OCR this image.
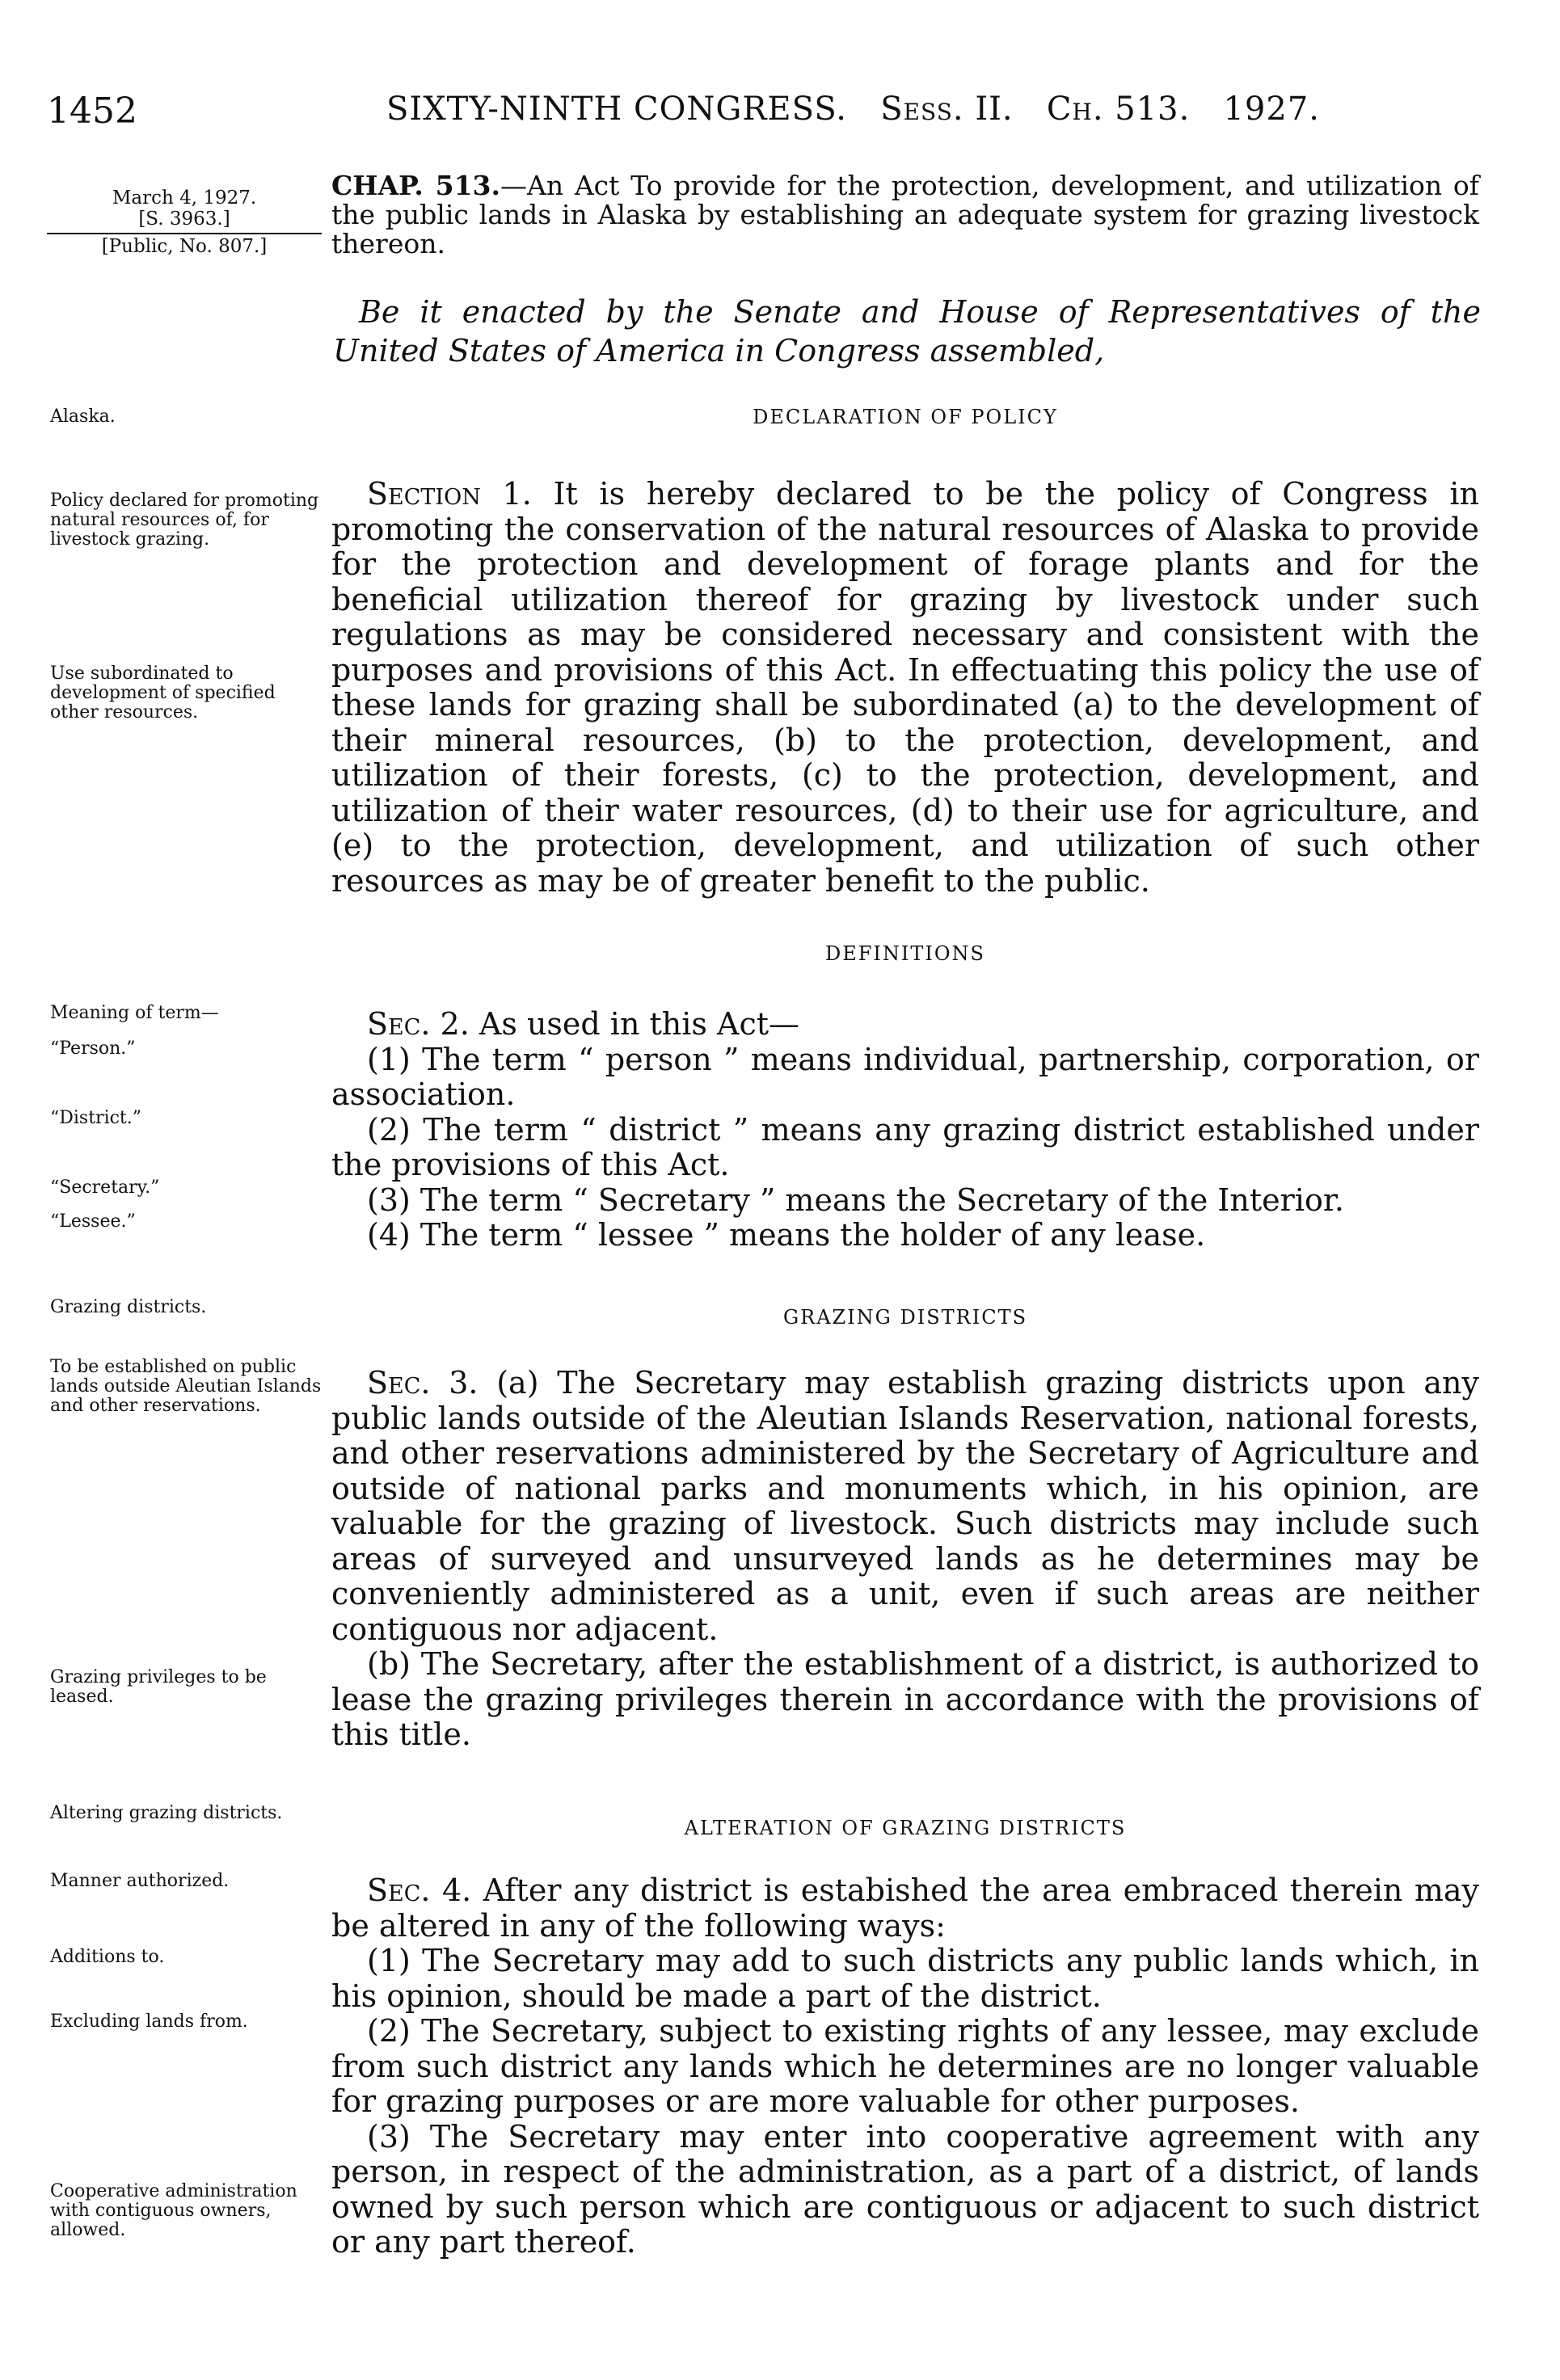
1452	SIXTY-NINTH CONGRESS. Sess. II. Ch. 513. 1927.
March 4, 1927.
[S. 3963.]
[Public, No. 807.]
CHAP. 513.—An Act To provide for the protection, development, and utilization of the public lands in Alaska by establishing an adequate system for grazing livestock thereon.
Be it enacted by the Senate and House of Representatives of the United States of America in Congress assembled,
Alaska.	DECLARATION OF POLICY
Policy declared for promoting natural resources of, for livestock grazing.
Use subordinated to development of specified other resources.

Section 1. It is hereby declared to be the policy of Congress in promoting the conservation of the natural resources of Alaska to provide for the protection and development of forage plants and for the beneficial utilization thereof for grazing by livestock under such regulations as may be considered necessary and consistent with the purposes and provisions of this Act. In effectuating this policy the use of these lands for grazing shall be subordinated (a) to the development of their mineral resources, (b) to the protection, development, and utilization of their forests, (c) to the protection, development, and utilization of their water resources, (d) to their use for agriculture, and (e) to the protection, development, and utilization of such other resources as may be of greater benefit to the public.

DEFINITIONS
Meaning of term—
“Person.”
“District.”
“Secretary.”
“Lessee.”

Sec. 2. As used in this Act—

(1) The term “ person ” means individual, partnership, corporation, or association.

(2) The term “ district ” means any grazing district established under the provisions of this Act.

(3) The term “ Secretary ” means the Secretary of the Interior.

(4) The term “ lessee ” means the holder of any lease.

Grazing districts.	GRAZING DISTRICTS
To be established on public lands outside Aleutian Islands and other reservations.
Grazing privileges to be leased.

Sec. 3. (a) The Secretary may establish grazing districts upon any public lands outside of the Aleutian Islands Reservation, national forests, and other reservations administered by the Secretary of Agriculture and outside of national parks and monuments which, in his opinion, are valuable for the grazing of livestock. Such districts may include such areas of surveyed and unsurveyed lands as he determines may be conveniently administered as a unit, even if such areas are neither contiguous nor adjacent.

(b) The Secretary, after the establishment of a district, is authorized to lease the grazing privileges therein in accordance with the provisions of this title.

Altering grazing districts.
ALTERATION OF GRAZING DISTRICTS
Manner authorized.
Additions to.
Excluding lands from.
Cooperative administration with contiguous owners, allowed.

Sec. 4. After any district is estabished the area embraced therein may be altered in any of the following ways:

(1) The Secretary may add to such districts any public lands which, in his opinion, should be made a part of the district.

(2) The Secretary, subject to existing rights of any lessee, may exclude from such district any lands which he determines are no longer valuable for grazing purposes or are more valuable for other purposes.

(3) The Secretary may enter into cooperative agreement with any person, in respect of the administration, as a part of a district, of lands owned by such person which are contiguous or adjacent to such district or any part thereof.
